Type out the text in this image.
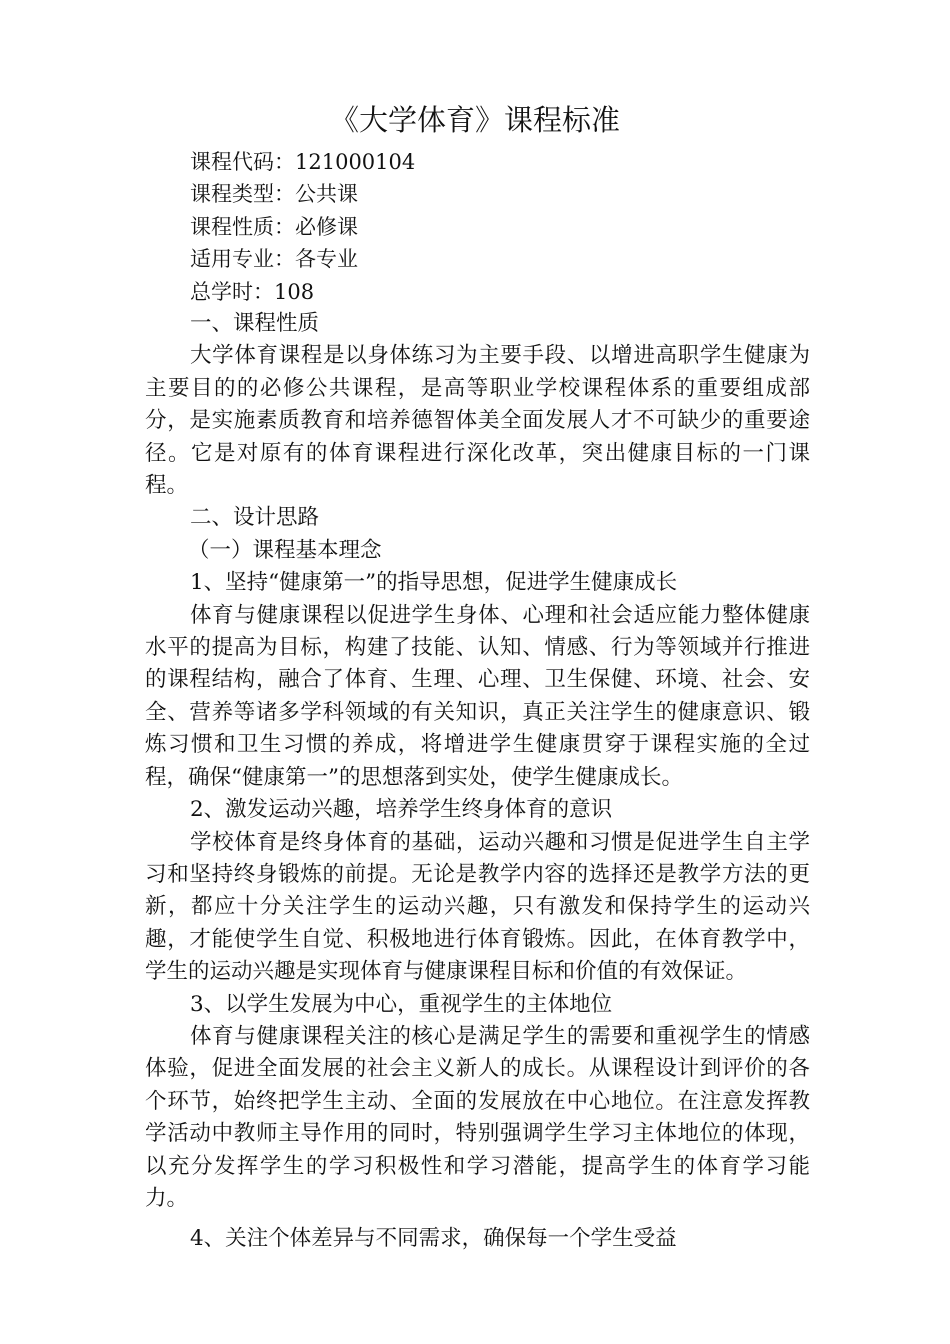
《大学体育》课程标准
课程代码：121000104
课程类型：公共课
课程性质：必修课
适用专业：各专业
总学时：108
一、课程性质

大学体育课程是以身体练习为主要手段、以增进高职学生健康为主要目的的必修公共课程，是高等职业学校课程体系的重要组成部分，是实施素质教育和培养德智体美全面发展人才不可缺少的重要途径。它是对原有的体育课程进行深化改革，突出健康目标的一门课程。

二、设计思路
（一）课程基本理念
1、坚持“健康第一”的指导思想，促进学生健康成长

体育与健康课程以促进学生身体、心理和社会适应能力整体健康水平的提高为目标，构建了技能、认知、情感、行为等领域并行推进的课程结构，融合了体育、生理、心理、卫生保健、环境、社会、安全、营养等诸多学科领域的有关知识，真正关注学生的健康意识、锻炼习惯和卫生习惯的养成，将增进学生健康贯穿于课程实施的全过程，确保“健康第一”的思想落到实处，使学生健康成长。

2、激发运动兴趣，培养学生终身体育的意识

学校体育是终身体育的基础，运动兴趣和习惯是促进学生自主学习和坚持终身锻炼的前提。无论是教学内容的选择还是教学方法的更新，都应十分关注学生的运动兴趣，只有激发和保持学生的运动兴趣，才能使学生自觉、积极地进行体育锻炼。因此，在体育教学中，学生的运动兴趣是实现体育与健康课程目标和价值的有效保证。

3、以学生发展为中心，重视学生的主体地位

体育与健康课程关注的核心是满足学生的需要和重视学生的情感体验，促进全面发展的社会主义新人的成长。从课程设计到评价的各个环节，始终把学生主动、全面的发展放在中心地位。在注意发挥教学活动中教师主导作用的同时，特别强调学生学习主体地位的体现，以充分发挥学生的学习积极性和学习潜能，提高学生的体育学习能力。

4、关注个体差异与不同需求，确保每一个学生受益
